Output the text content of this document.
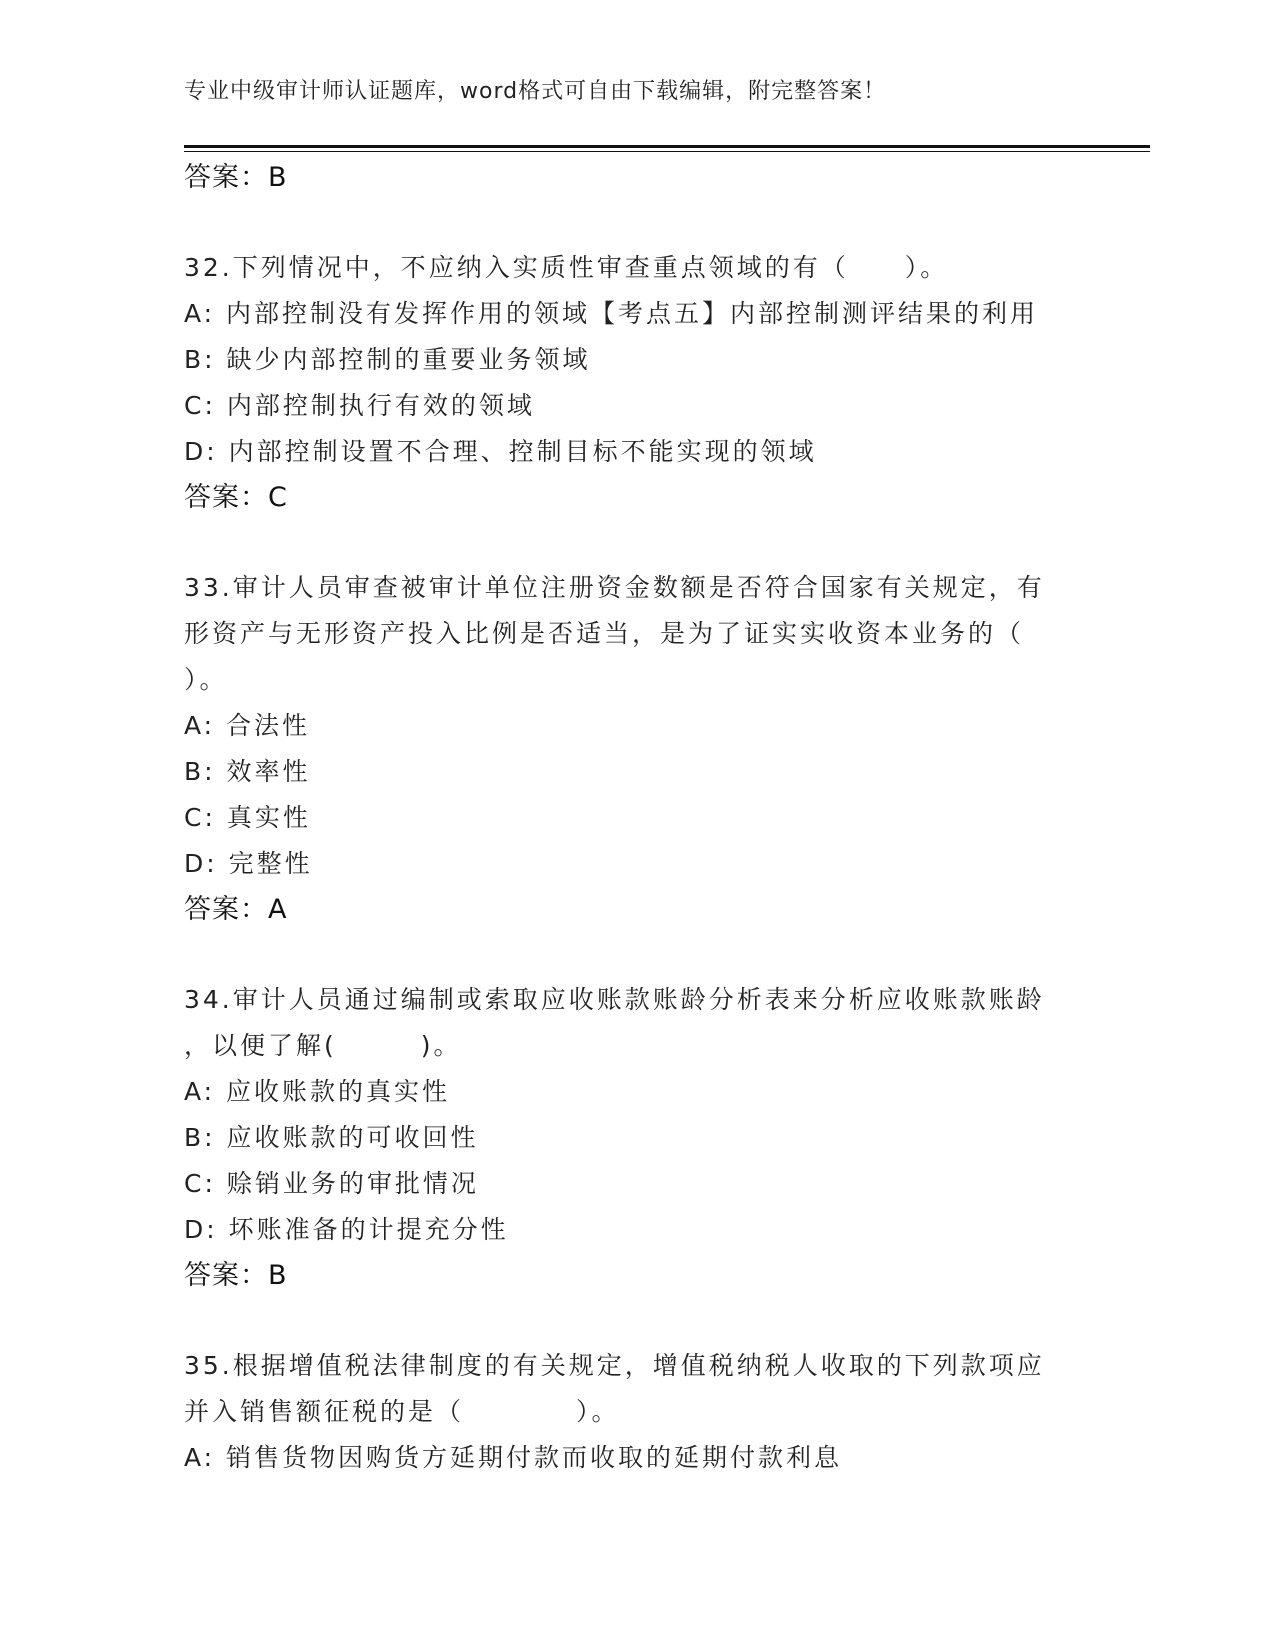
专业中级审计师认证题库，word格式可自由下载编辑，附完整答案！
答案：B
32.下列情况中，不应纳入实质性审查重点领域的有（　　）。
A: 内部控制没有发挥作用的领域【考点五】内部控制测评结果的利用
B: 缺少内部控制的重要业务领域
C: 内部控制执行有效的领域
D: 内部控制设置不合理、控制目标不能实现的领域
答案：C
33.审计人员审查被审计单位注册资金数额是否符合国家有关规定，有
形资产与无形资产投入比例是否适当，是为了证实实收资本业务的（
）。
A: 合法性
B: 效率性
C: 真实性
D: 完整性
答案：A
34.审计人员通过编制或索取应收账款账龄分析表来分析应收账款账龄
，以便了解(　　　)。
A: 应收账款的真实性
B: 应收账款的可收回性
C: 赊销业务的审批情况
D: 坏账准备的计提充分性
答案：B
35.根据增值税法律制度的有关规定，增值税纳税人收取的下列款项应
并入销售额征税的是（　　　　）。
A: 销售货物因购货方延期付款而收取的延期付款利息
